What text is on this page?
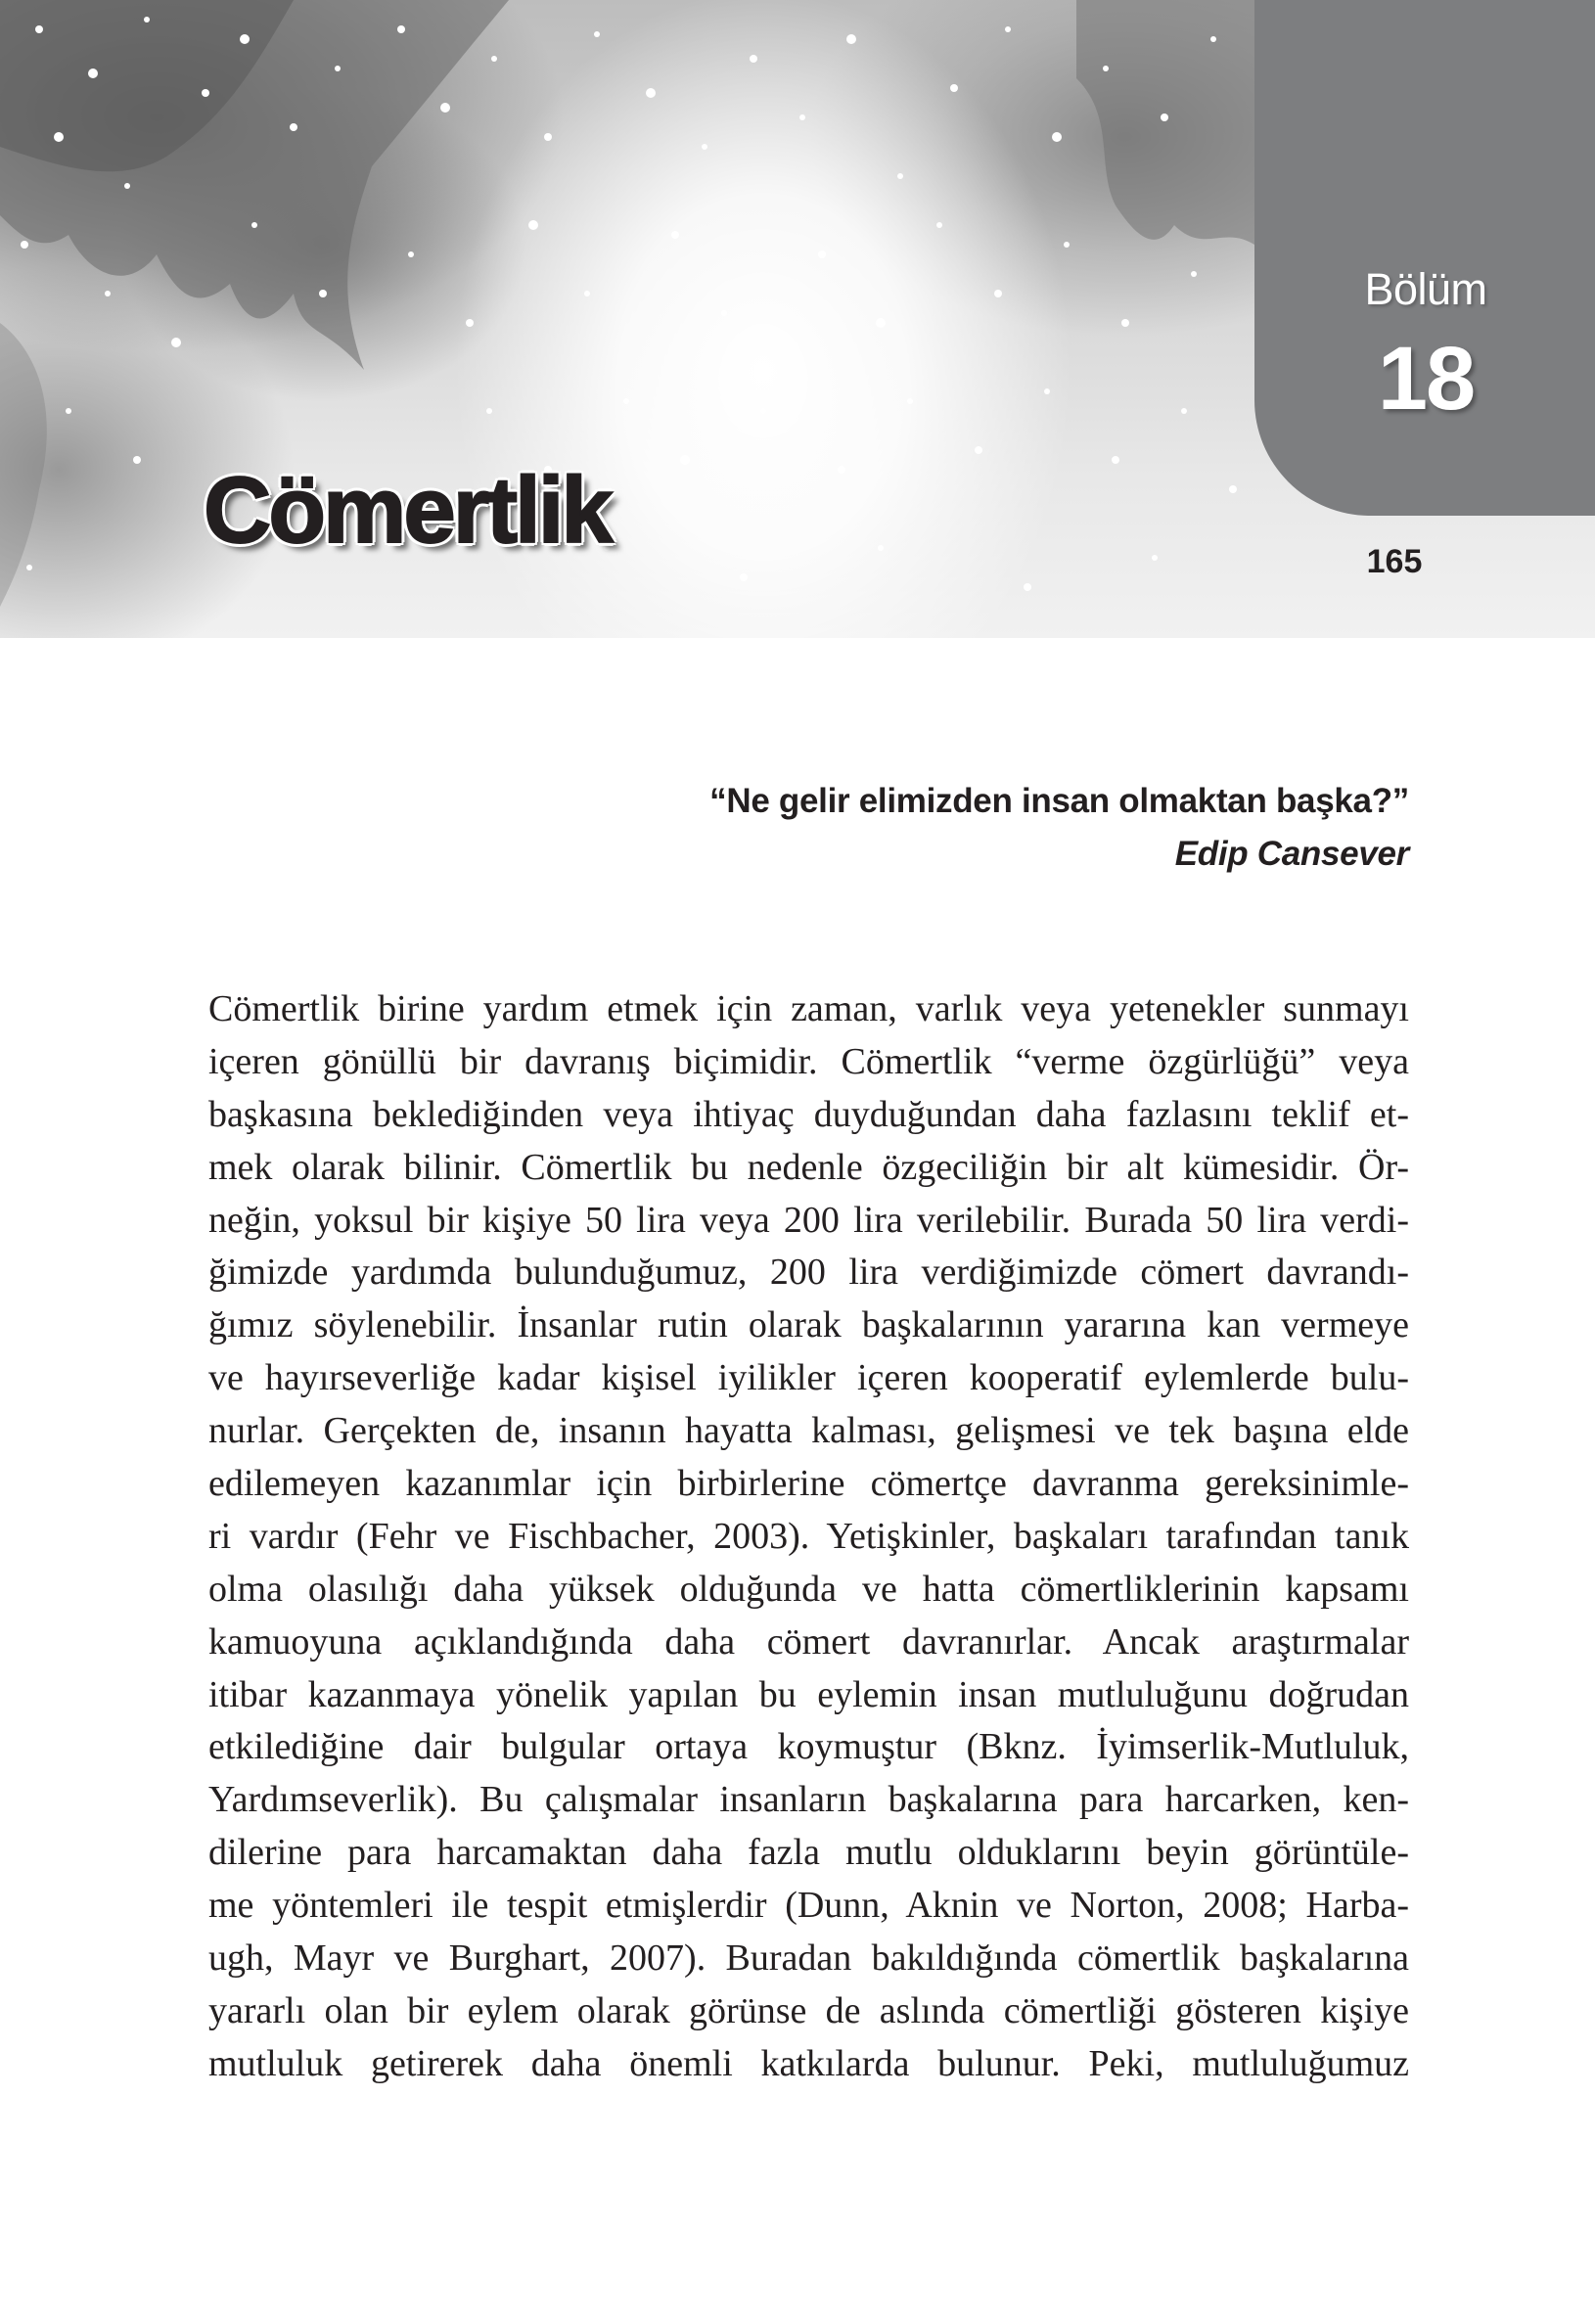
Bölüm
18
Cömertlik	165
“Ne gelir elimizden insan olmaktan başka?”
Edip Cansever
Cömertlik birine yardım etmek için zaman, varlık veya yetenekler sunmayı
içeren gönüllü bir davranış biçimidir. Cömertlik “verme özgürlüğü” veya
başkasına beklediğinden veya ihtiyaç duyduğundan daha fazlasını teklif et-
mek olarak bilinir. Cömertlik bu nedenle özgeciliğin bir alt kümesidir. Ör-
neğin, yoksul bir kişiye 50 lira veya 200 lira verilebilir. Burada 50 lira verdi-
ğimizde yardımda bulunduğumuz, 200 lira verdiğimizde cömert davrandı-
ğımız söylenebilir. İnsanlar rutin olarak başkalarının yararına kan vermeye
ve hayırseverliğe kadar kişisel iyilikler içeren kooperatif eylemlerde bulu-
nurlar. Gerçekten de, insanın hayatta kalması, gelişmesi ve tek başına elde
edilemeyen kazanımlar için birbirlerine cömertçe davranma gereksinimle-
ri vardır (Fehr ve Fischbacher, 2003). Yetişkinler, başkaları tarafından tanık
olma olasılığı daha yüksek olduğunda ve hatta cömertliklerinin kapsamı
kamuoyuna açıklandığında daha cömert davranırlar. Ancak araştırmalar
itibar kazanmaya yönelik yapılan bu eylemin insan mutluluğunu doğrudan
etkilediğine dair bulgular ortaya koymuştur (Bknz. İyimserlik-Mutluluk,
Yardımseverlik). Bu çalışmalar insanların başkalarına para harcarken, ken-
dilerine para harcamaktan daha fazla mutlu olduklarını beyin görüntüle-
me yöntemleri ile tespit etmişlerdir (Dunn, Aknin ve Norton, 2008; Harba-
ugh, Mayr ve Burghart, 2007). Buradan bakıldığında cömertlik başkalarına
yararlı olan bir eylem olarak görünse de aslında cömertliği gösteren kişiye
mutluluk getirerek daha önemli katkılarda bulunur. Peki, mutluluğumuz
